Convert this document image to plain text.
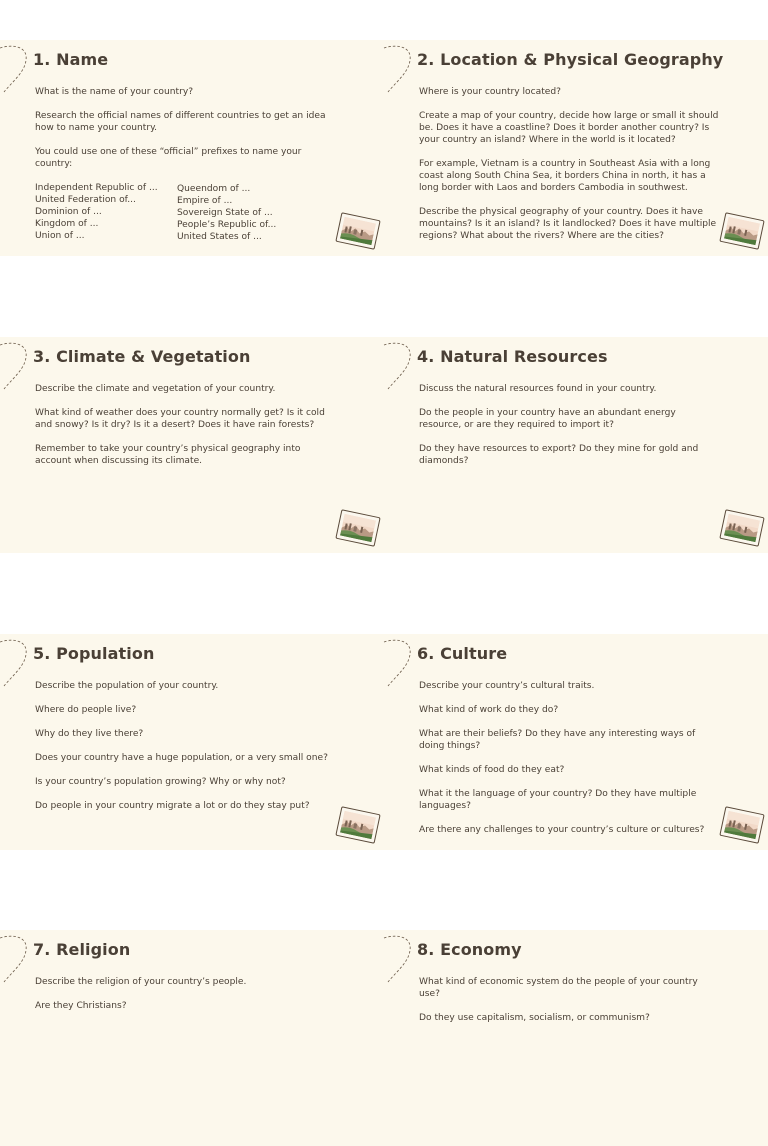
1. Name

What is the name of your country?

Research the official names of different countries to get an idea how to name your country.

You could use one of these “official” prefixes to name your country:

Independent Republic of ...
United Federation of...
Dominion of ...
Kingdom of ...
Union of ...
Queendom of ...
Empire of ...
Sovereign State of ...
People’s Republic of...
United States of ...
2. Location & Physical Geography

Where is your country located?

Create a map of your country, decide how large or small it should be. Does it have a coastline? Does it border another country? Is your country an island? Where in the world is it located?

For example, Vietnam is a country in Southeast Asia with a long coast along South China Sea, it borders China in north, it has a long border with Laos and borders Cambodia in southwest.

Describe the physical geography of your country. Does it have mountains? Is it an island? Is it landlocked? Does it have multiple regions? What about the rivers? Where are the cities?

3. Climate & Vegetation

Describe the climate and vegetation of your country.

What kind of weather does your country normally get? Is it cold and snowy? Is it dry? Is it a desert? Does it have rain forests?

Remember to take your country’s physical geography into account when discussing its climate.

4. Natural Resources

Discuss the natural resources found in your country.

Do the people in your country have an abundant energy resource, or are they required to import it?

Do they have resources to export? Do they mine for gold and diamonds?

5. Population

Describe the population of your country.

Where do people live?

Why do they live there?

Does your country have a huge population, or a very small one?

Is your country’s population growing? Why or why not?

Do people in your country migrate a lot or do they stay put?

6. Culture

Describe your country’s cultural traits.

What kind of work do they do?

What are their beliefs? Do they have any interesting ways of doing things?

What kinds of food do they eat?

What it the language of your country? Do they have multiple languages?

Are there any challenges to your country’s culture or cultures?

7. Religion

Describe the religion of your country’s people.

Are they Christians?

8. Economy

What kind of economic system do the people of your country use?

Do they use capitalism, socialism, or communism?
